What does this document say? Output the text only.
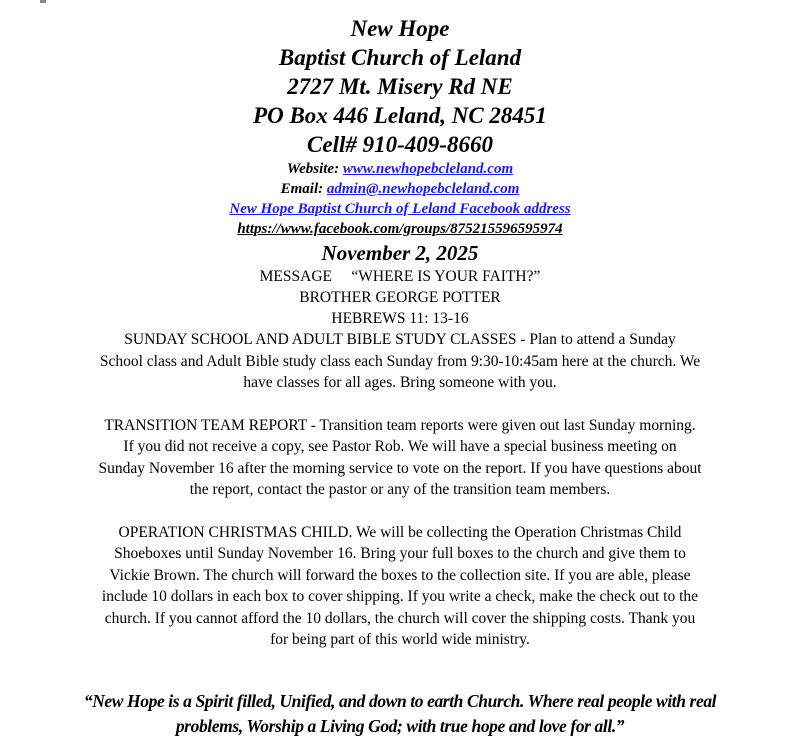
New Hope
Baptist Church of Leland
2727 Mt. Misery Rd NE
PO Box 446 Leland, NC 28451
Cell# 910-409-8660
Website: www.newhopebcleland.com
Email: admin@.newhopebcleland.com
New Hope Baptist Church of Leland Facebook address
https://www.facebook.com/groups/875215596595974
November 2, 2025
MESSAGE “WHERE IS YOUR FAITH?”
BROTHER GEORGE POTTER
HEBREWS 11: 13-16
SUNDAY SCHOOL AND ADULT BIBLE STUDY CLASSES - Plan to attend a Sunday
School class and Adult Bible study class each Sunday from 9:30-10:45am here at the church. We
have classes for all ages. Bring someone with you.
TRANSITION TEAM REPORT - Transition team reports were given out last Sunday morning.
If you did not receive a copy, see Pastor Rob. We will have a special business meeting on
Sunday November 16 after the morning service to vote on the report. If you have questions about
the report, contact the pastor or any of the transition team members.
OPERATION CHRISTMAS CHILD. We will be collecting the Operation Christmas Child
Shoeboxes until Sunday November 16. Bring your full boxes to the church and give them to
Vickie Brown. The church will forward the boxes to the collection site. If you are able, please
include 10 dollars in each box to cover shipping. If you write a check, make the check out to the
church. If you cannot afford the 10 dollars, the church will cover the shipping costs. Thank you
for being part of this world wide ministry.
“New Hope is a Spirit filled, Unified, and down to earth Church. Where real people with real
problems, Worship a Living God; with true hope and love for all.”
